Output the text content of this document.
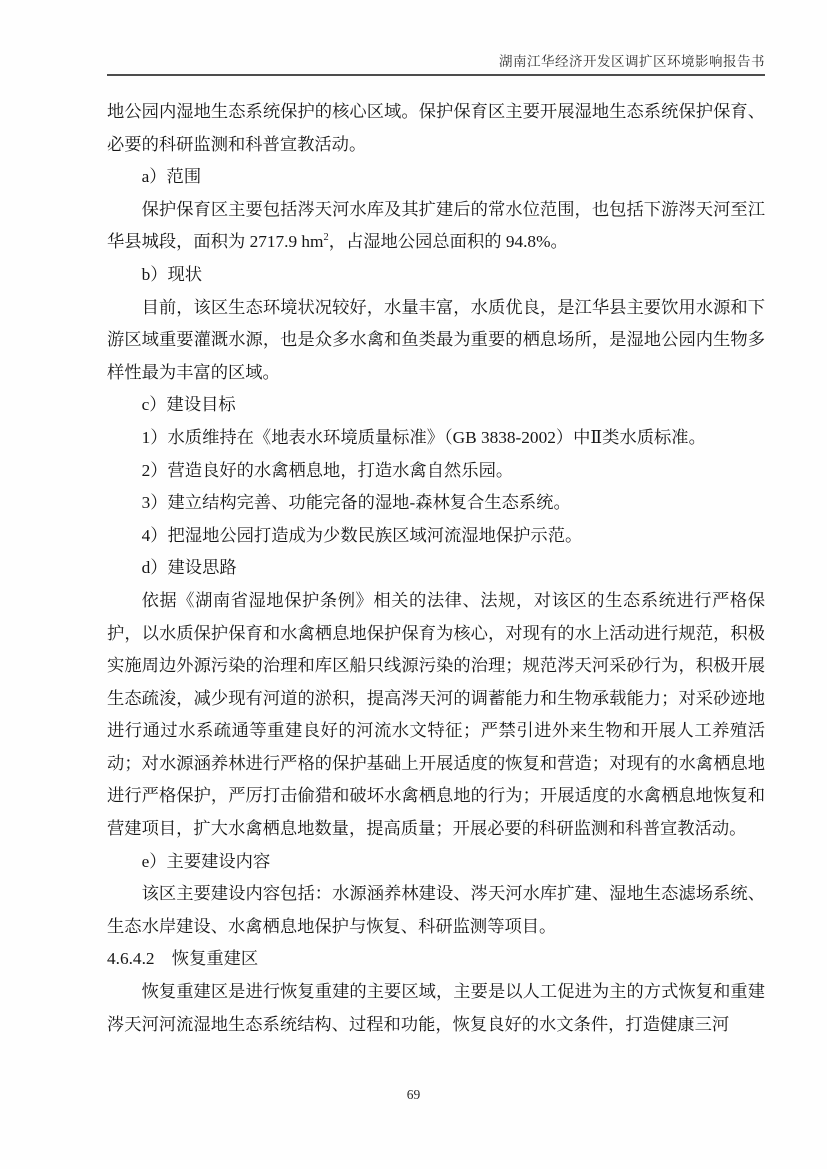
湖南江华经济开发区调扩区环境影响报告书

地公园内湿地生态系统保护的核心区域。保护保育区主要开展湿地生态系统保护保育、必要的科研监测和科普宣教活动。

a）范围

保护保育区主要包括涔天河水库及其扩建后的常水位范围，也包括下游涔天河至江华县城段，面积为 2717.9 $hm^2$，占湿地公园总面积的 94.8%。

b）现状

目前，该区生态环境状况较好，水量丰富，水质优良，是江华县主要饮用水源和下游区域重要灌溉水源，也是众多水禽和鱼类最为重要的栖息场所，是湿地公园内生物多样性最为丰富的区域。

c）建设目标

1）水质维持在《地表水环境质量标准》（GB 3838-2002）中Ⅱ类水质标准。

2）营造良好的水禽栖息地，打造水禽自然乐园。

3）建立结构完善、功能完备的湿地-森林复合生态系统。

4）把湿地公园打造成为少数民族区域河流湿地保护示范。

d）建设思路

依据《湖南省湿地保护条例》相关的法律、法规，对该区的生态系统进行严格保护，以水质保护保育和水禽栖息地保护保育为核心，对现有的水上活动进行规范，积极实施周边外源污染的治理和库区船只线源污染的治理；规范涔天河采砂行为，积极开展生态疏浚，减少现有河道的淤积，提高涔天河的调蓄能力和生物承载能力；对采砂迹地进行通过水系疏通等重建良好的河流水文特征；严禁引进外来生物和开展人工养殖活动；对水源涵养林进行严格的保护基础上开展适度的恢复和营造；对现有的水禽栖息地进行严格保护，严厉打击偷猎和破坏水禽栖息地的行为；开展适度的水禽栖息地恢复和营建项目，扩大水禽栖息地数量，提高质量；开展必要的科研监测和科普宣教活动。

e）主要建设内容

该区主要建设内容包括：水源涵养林建设、涔天河水库扩建、湿地生态滤场系统、生态水岸建设、水禽栖息地保护与恢复、科研监测等项目。

4.6.4.2　恢复重建区

恢复重建区是进行恢复重建的主要区域，主要是以人工促进为主的方式恢复和重建涔天河河流湿地生态系统结构、过程和功能，恢复良好的水文条件，打造健康三河

69
